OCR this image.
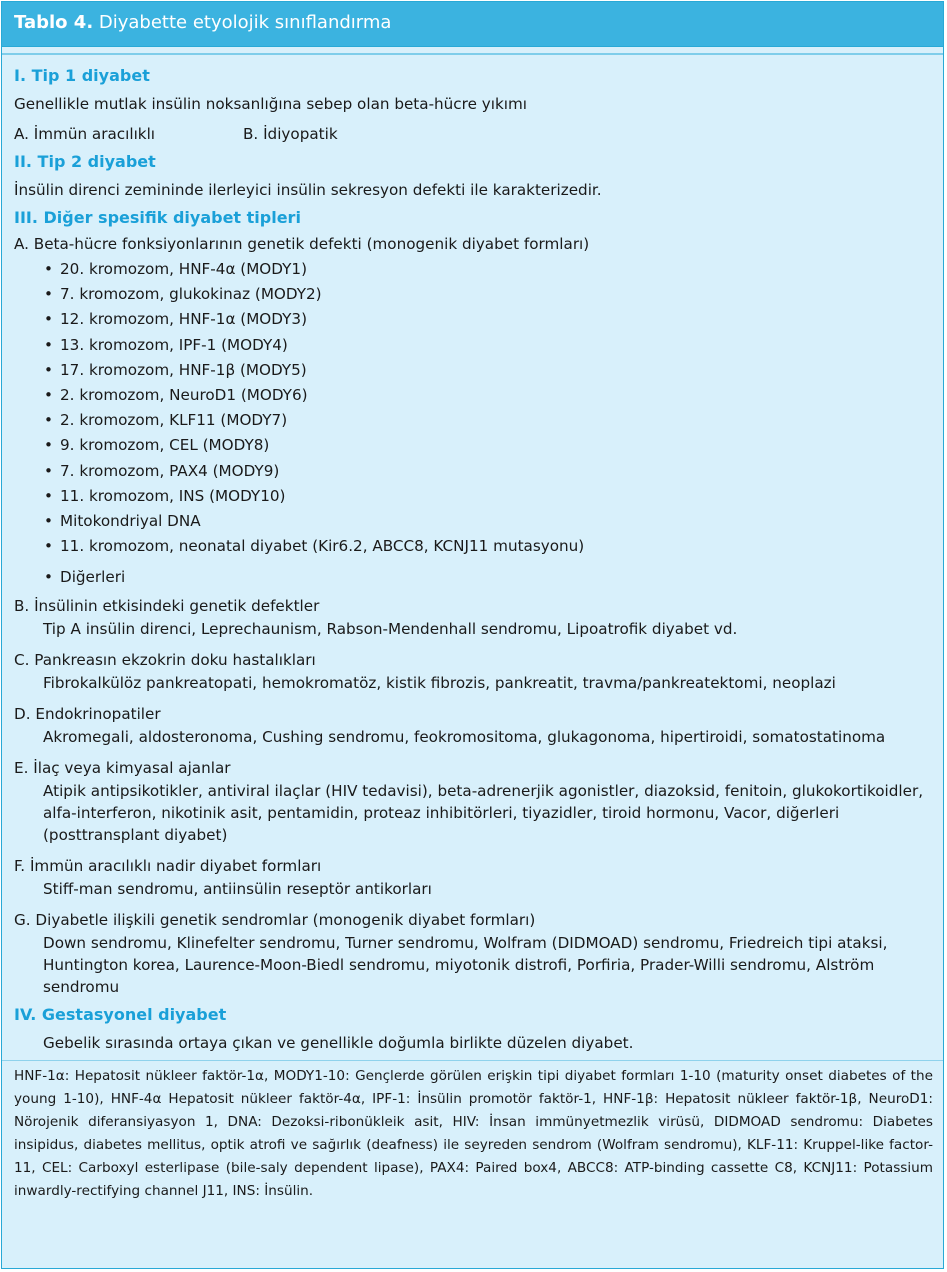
Tablo 4. Diyabette etyolojik sınıflandırma
I. Tip 1 diyabet
Genellikle mutlak insülin noksanlığına sebep olan beta-hücre yıkımı
A. İmmün aracılıklı	B. İdiyopatik
II. Tip 2 diyabet
İnsülin direnci zemininde ilerleyici insülin sekresyon defekti ile karakterizedir.
III. Diğer spesifik diyabet tipleri
A. Beta-hücre fonksiyonlarının genetik defekti (monogenik diyabet formları)
• 20. kromozom, HNF-4α (MODY1)
• 7. kromozom, glukokinaz (MODY2)
• 12. kromozom, HNF-1α (MODY3)
• 13. kromozom, IPF-1 (MODY4)
• 17. kromozom, HNF-1β (MODY5)
• 2. kromozom, NeuroD1 (MODY6)
• 2. kromozom, KLF11 (MODY7)
• 9. kromozom, CEL (MODY8)
• 7. kromozom, PAX4 (MODY9)
• 11. kromozom, INS (MODY10)
• Mitokondriyal DNA
• 11. kromozom, neonatal diyabet (Kir6.2, ABCC8, KCNJ11 mutasyonu)
• Diğerleri
B. İnsülinin etkisindeki genetik defektler
Tip A insülin direnci, Leprechaunism, Rabson-Mendenhall sendromu, Lipoatrofik diyabet vd.
C. Pankreasın ekzokrin doku hastalıkları
Fibrokalkülöz pankreatopati, hemokromatöz, kistik fibrozis, pankreatit, travma/pankreatektomi, neoplazi
D. Endokrinopatiler
Akromegali, aldosteronoma, Cushing sendromu, feokromositoma, glukagonoma, hipertiroidi, somatostatinoma
E. İlaç veya kimyasal ajanlar
Atipik antipsikotikler, antiviral ilaçlar (HIV tedavisi), beta-adrenerjik agonistler, diazoksid, fenitoin, glukokortikoidler, alfa-interferon, nikotinik asit, pentamidin, proteaz inhibitörleri, tiyazidler, tiroid hormonu, Vacor, diğerleri (posttransplant diyabet)
F. İmmün aracılıklı nadir diyabet formları
Stiff-man sendromu, antiinsülin reseptör antikorları
G. Diyabetle ilişkili genetik sendromlar (monogenik diyabet formları)
Down sendromu, Klinefelter sendromu, Turner sendromu, Wolfram (DIDMOAD) sendromu, Friedreich tipi ataksi, Huntington korea, Laurence-Moon-Biedl sendromu, miyotonik distrofi, Porfiria, Prader-Willi sendromu, Alström sendromu
IV. Gestasyonel diyabet
Gebelik sırasında ortaya çıkan ve genellikle doğumla birlikte düzelen diyabet.
HNF-1α: Hepatosit nükleer faktör-1α, MODY1-10: Gençlerde görülen erişkin tipi diyabet formları 1-10 (maturity onset diabetes of the young 1-10), HNF-4α Hepatosit nükleer faktör-4α, IPF-1: İnsülin promotör faktör-1, HNF-1β: Hepatosit nükleer faktör-1β, NeuroD1: Nörojenik diferansiyasyon 1, DNA: Dezoksi-ribonükleik asit, HIV: İnsan immünyetmezlik virüsü, DIDMOAD sendromu: Diabetes insipidus, diabetes mellitus, optik atrofi ve sağırlık (deafness) ile seyreden sendrom (Wolfram sendromu), KLF-11: Kruppel-like factor-11, CEL: Carboxyl esterlipase (bile-saly dependent lipase), PAX4: Paired box4, ABCC8: ATP-binding cassette C8, KCNJ11: Potassium inwardly-rectifying channel J11, INS: İnsülin.
